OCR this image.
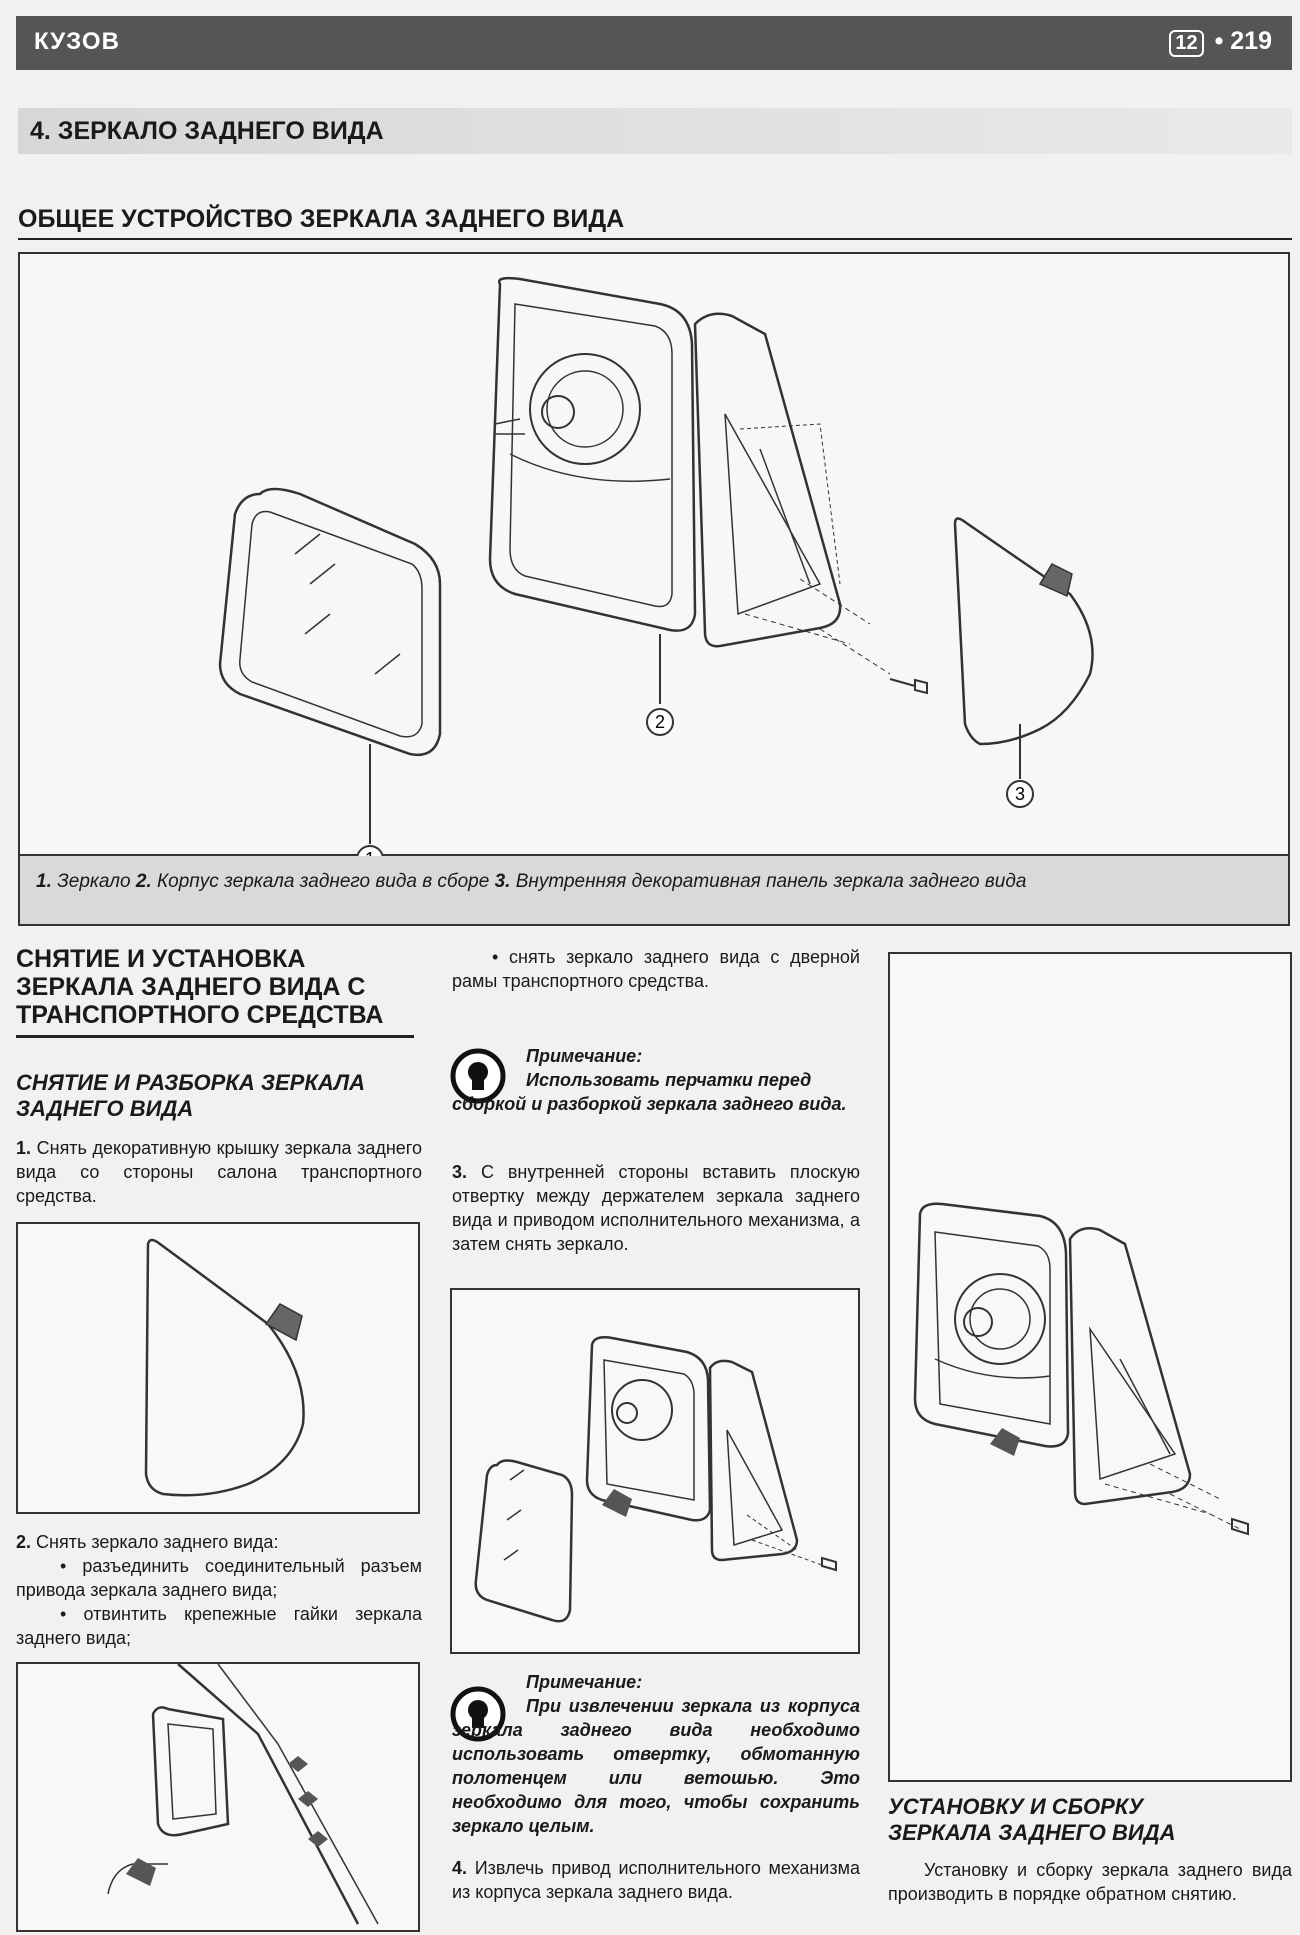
КУЗОВ	12 • 219
4. ЗЕРКАЛО ЗАДНЕГО ВИДА
ОБЩЕЕ УСТРОЙСТВО ЗЕРКАЛА ЗАДНЕГО ВИДА
2
3
1. Зеркало 2. Корпус зеркала заднего вида в сборе 3. Внутренняя декоративная панель зеркала заднего вида
СНЯТИЕ И УСТАНОВКА
ЗЕРКАЛА ЗАДНЕГО ВИДА С
ТРАНСПОРТНОГО СРЕДСТВА
СНЯТИЕ И РАЗБОРКА ЗЕРКАЛА
ЗАДНЕГО ВИДА
1. Снять декоративную крышку зеркала заднего вида со стороны салона транспортного средства.
2. Снять зеркало заднего вида:
• разъединить соединительный разъем привода зеркала заднего вида;
• отвинтить крепежные гайки зеркала заднего вида;
• снять зеркало заднего вида с дверной рамы транспортного средства.
Примечание:
Использовать перчатки перед сборкой и разборкой зеркала заднего вида.
3. С внутренней стороны вставить плоскую отвертку между держателем зеркала заднего вида и приводом исполнительного механизма, а затем снять зеркало.
Примечание:
При извлечении зеркала из корпуса зеркала заднего вида необходимо использовать отвертку, обмотанную полотенцем или ветошью. Это необходимо для того, чтобы сохранить зеркало целым.
4. Извлечь привод исполнительного механизма из корпуса зеркала заднего вида.
УСТАНОВКУ И СБОРКУ
ЗЕРКАЛА ЗАДНЕГО ВИДА
Установку и сборку зеркала заднего вида производить в порядке обратном снятию.
